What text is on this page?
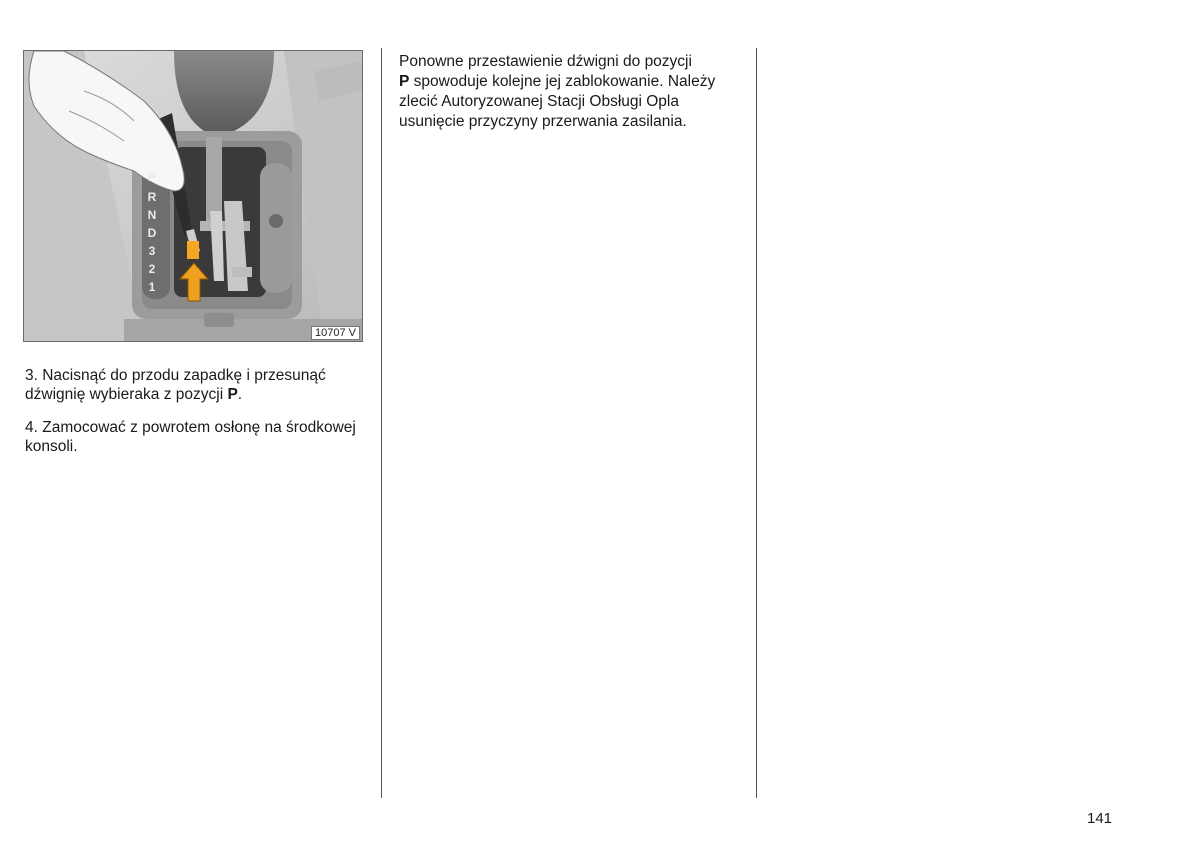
P
R
N
D
3
2
1
10707 V
3. Nacisnąć do przodu zapadkę i przesunąć dźwignię wybieraka z pozycji P.
4. Zamocować z powrotem osłonę na środkowej konsoli.
Ponowne przestawienie dźwigni do pozycji
P spowoduje kolejne jej zablokowanie. Należy zlecić Autoryzowanej Stacji Obsługi Opla usunięcie przyczyny przerwania zasilania.
141
